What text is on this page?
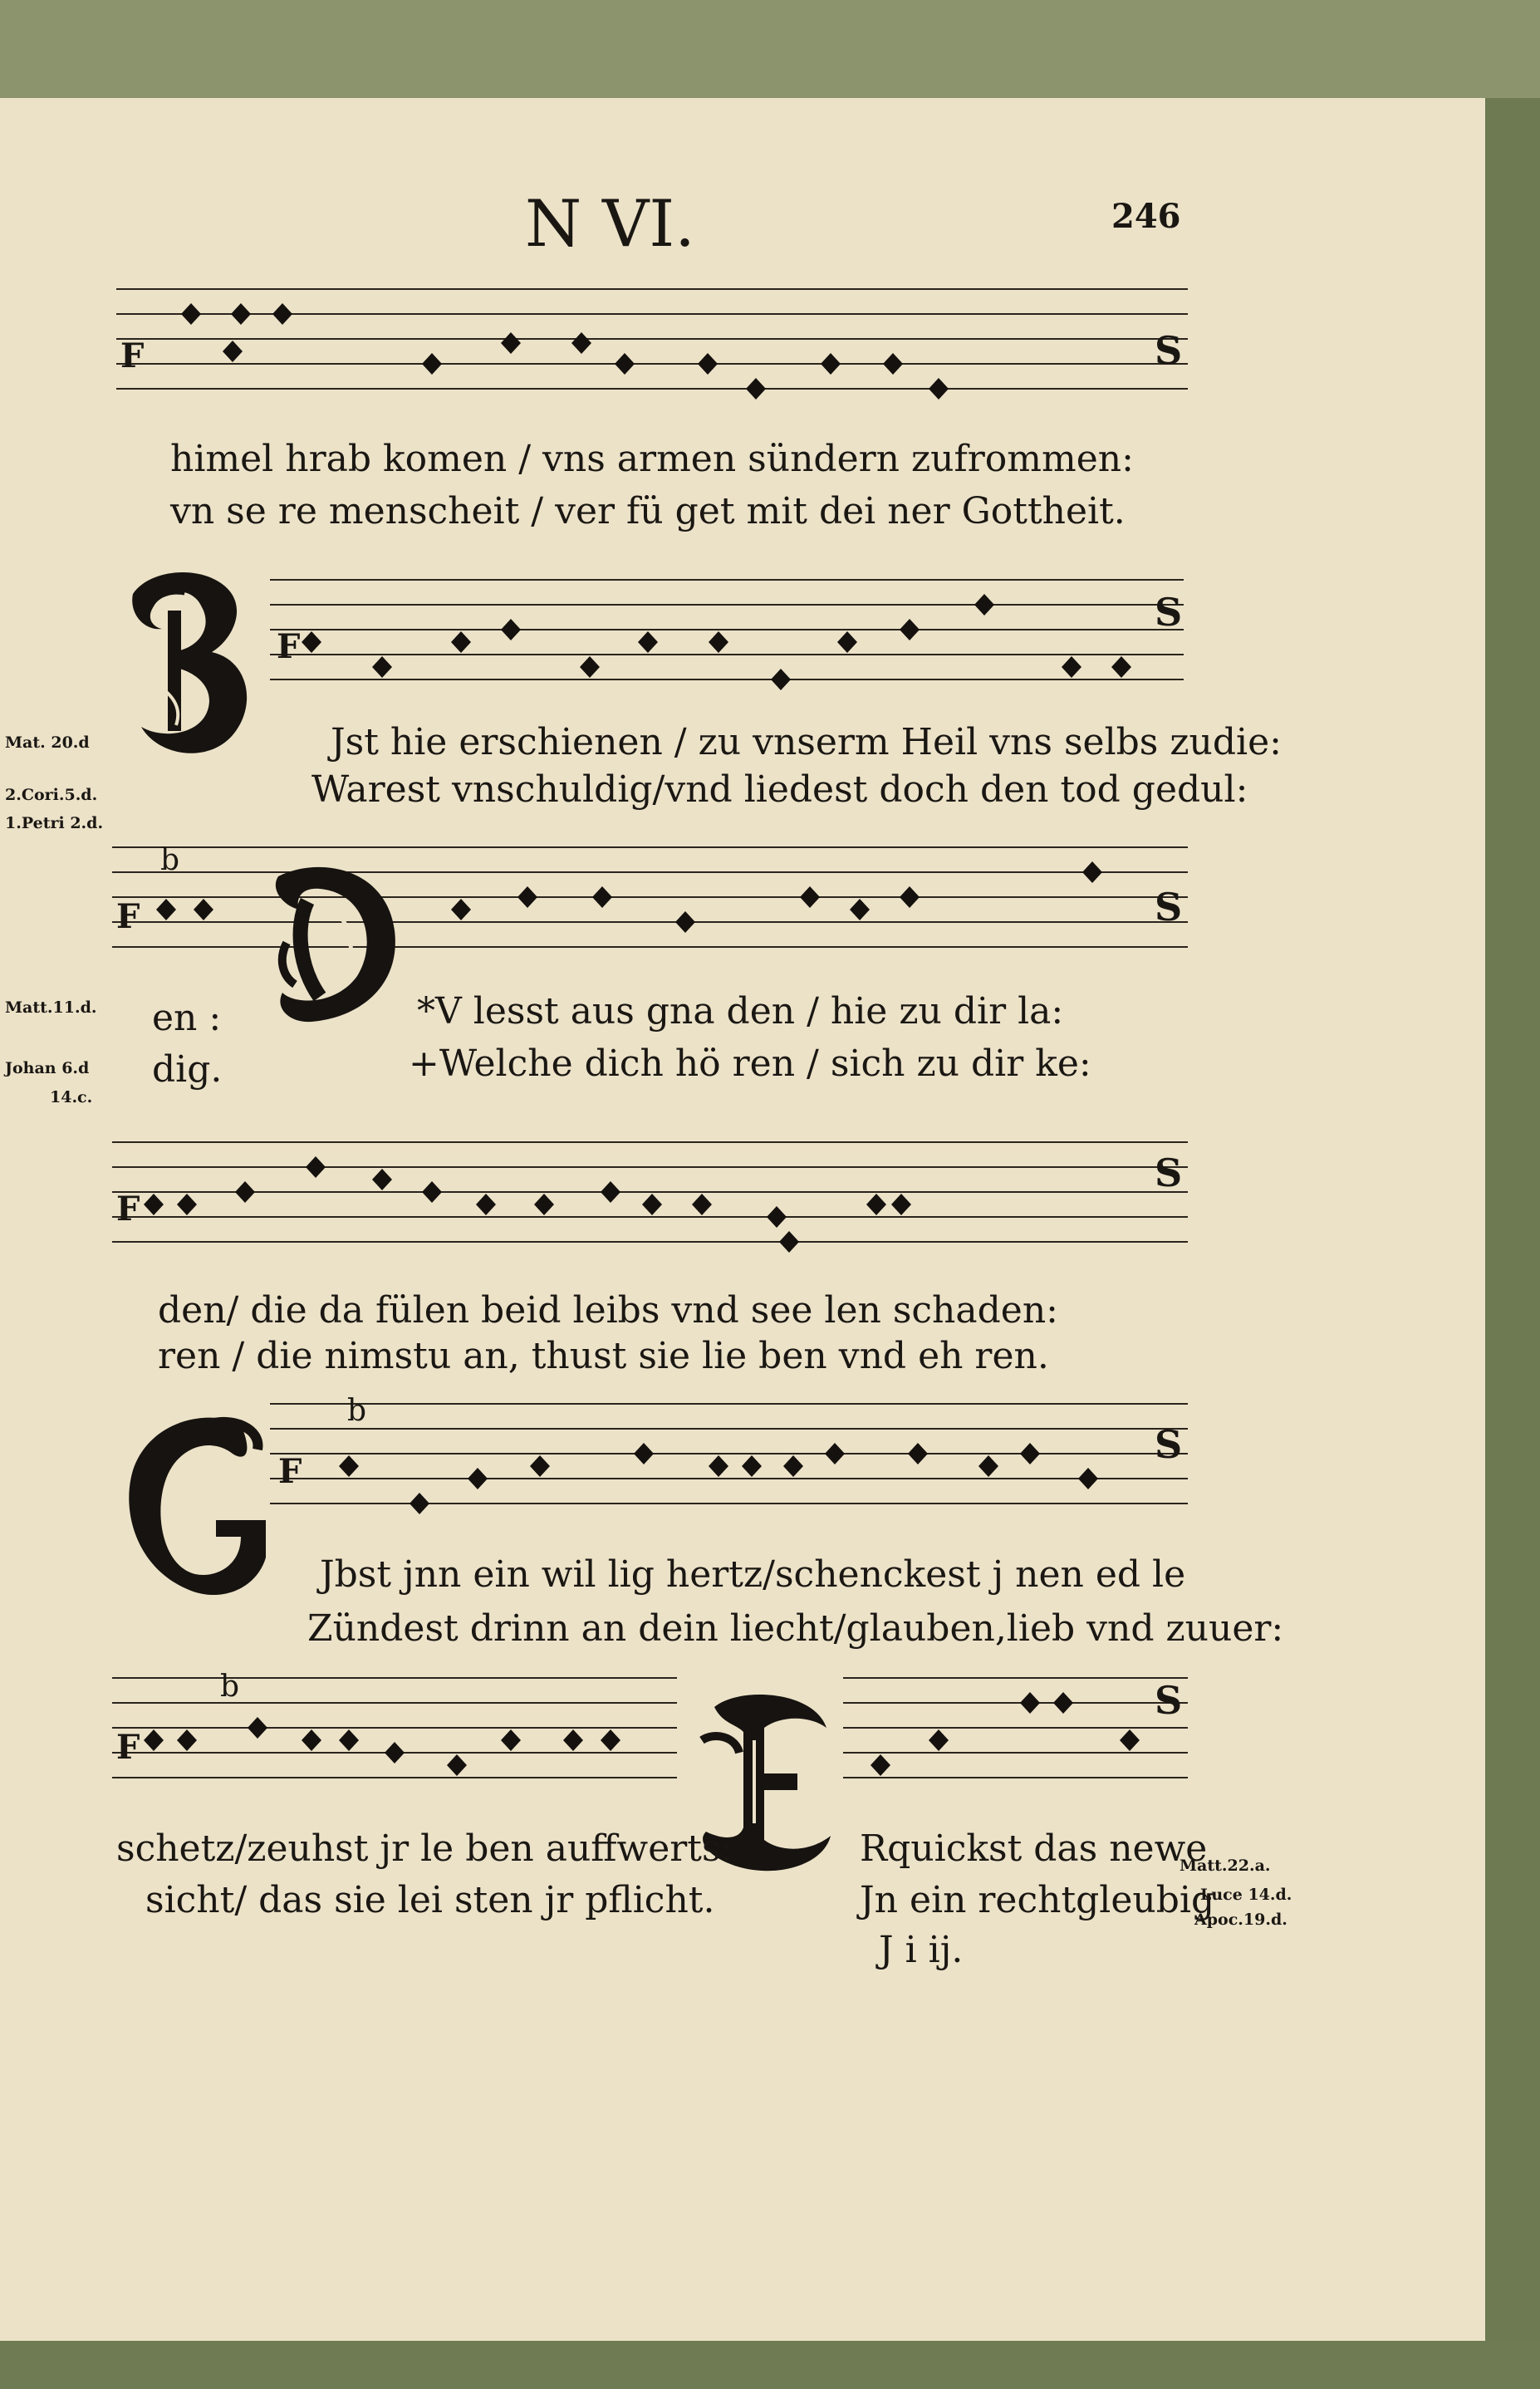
N VI.	246
F	S
F
S
F
b
S
F
S
F
b
S
F
b	S
himel hrab komen / vns armen sündern zufrommen:
vn se re menscheit / ver fü get mit dei ner Gottheit.
Jst hie erschienen / zu vnserm Heil vns selbs zudie:
Warest vnschuldig/vnd liedest doch den tod gedul:
en :
dig.
*V lesst aus gna den / hie zu dir la:
+Welche dich hö ren / sich zu dir ke:
den/ die da fülen beid leibs vnd see len schaden:
ren / die nimstu an, thust sie lie ben vnd eh ren.
Jbst jnn ein wil lig hertz/schenckest j nen ed le
Zündest drinn an dein liecht/glauben,lieb vnd zuuer:
schetz/zeuhst jr le ben auffwerts:
sicht/ das sie lei sten jr pflicht.
Rquickst das newe
Jn ein rechtgleubig
J i ij.
Mat. 20.d
2.Cori.5.d.
1.Petri 2.d.
Matt.11.d.
Johan 6.d
14.c.
Matt.22.a.
Luce 14.d.
Apoc.19.d.
